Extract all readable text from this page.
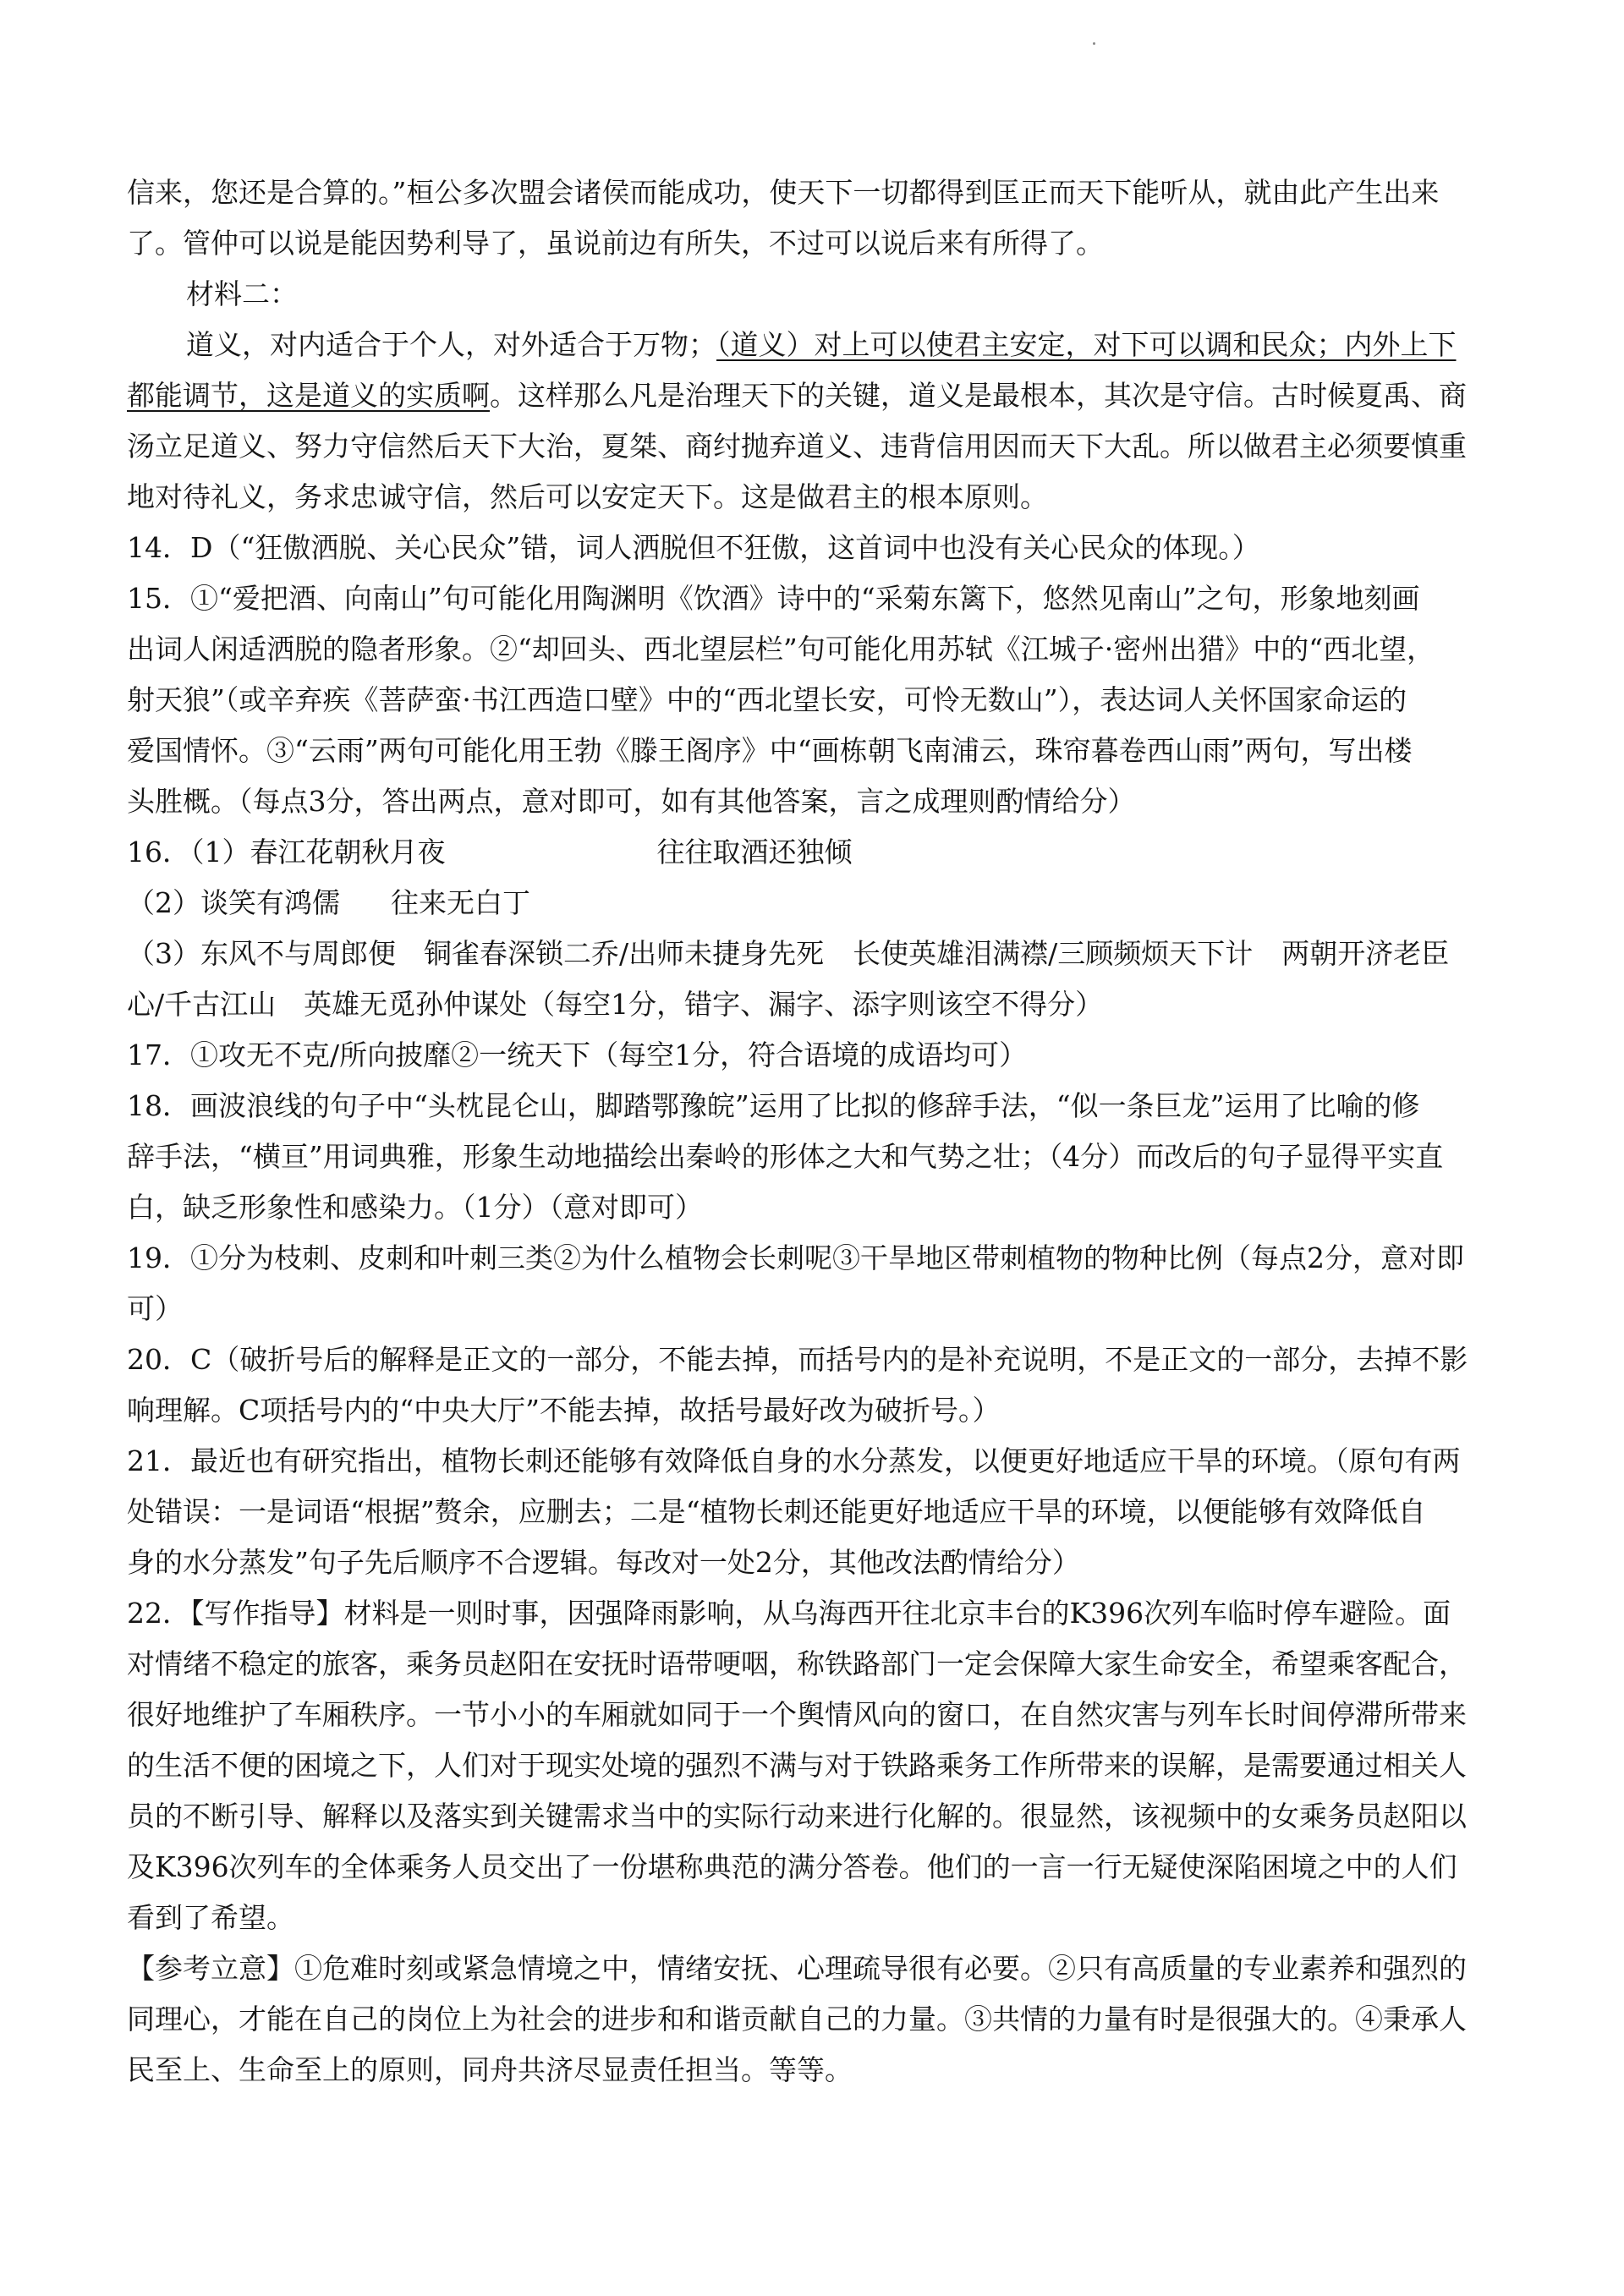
信来，您还是合算的。”桓公多次盟会诸侯而能成功，使天下一切都得到匡正而天下能听从，就由此产生出来

了。管仲可以说是能因势利导了，虽说前边有所失，不过可以说后来有所得了。

材料二：

道义，对内适合于个人，对外适合于万物；（道义）对上可以使君主安定，对下可以调和民众；内外上下

都能调节，这是道义的实质啊。这样那么凡是治理天下的关键，道义是最根本，其次是守信。古时候夏禹、商

汤立足道义、努力守信然后天下大治，夏桀、商纣抛弃道义、违背信用因而天下大乱。所以做君主必须要慎重

地对待礼义，务求忠诚守信，然后可以安定天下。这是做君主的根本原则。

14．D（“狂傲洒脱、关心民众”错，词人洒脱但不狂傲，这首词中也没有关心民众的体现。）

15．①“爱把酒、向南山”句可能化用陶渊明《饮酒》诗中的“采菊东篱下，悠然见南山”之句，形象地刻画

出词人闲适洒脱的隐者形象。②“却回头、西北望层栏”句可能化用苏轼《江城子·密州出猎》中的“西北望，

射天狼”（或辛弃疾《菩萨蛮·书江西造口壁》中的“西北望长安，可怜无数山”），表达词人关怀国家命运的

爱国情怀。③“云雨”两句可能化用王勃《滕王阁序》中“画栋朝飞南浦云，珠帘暮卷西山雨”两句，写出楼

头胜概。（每点3分，答出两点，意对即可，如有其他答案，言之成理则酌情给分）

16．（1）春江花朝秋月夜	往往取酒还独倾

（2）谈笑有鸿儒 往来无白丁

（3）东风不与周郎便　铜雀春深锁二乔/出师未捷身先死 长使英雄泪满襟/三顾频烦天下计 两朝开济老臣

心/千古江山　英雄无觅孙仲谋处（每空1分，错字、漏字、添字则该空不得分）

17．①攻无不克/所向披靡②一统天下（每空1分，符合语境的成语均可）

18．画波浪线的句子中“头枕昆仑山，脚踏鄂豫皖”运用了比拟的修辞手法，“似一条巨龙”运用了比喻的修

辞手法，“横亘”用词典雅，形象生动地描绘出秦岭的形体之大和气势之壮；（4分）而改后的句子显得平实直

白，缺乏形象性和感染力。（1分）（意对即可）

19．①分为枝刺、皮刺和叶刺三类②为什么植物会长刺呢③干旱地区带刺植物的物种比例（每点2分，意对即

可）

20．C（破折号后的解释是正文的一部分，不能去掉，而括号内的是补充说明，不是正文的一部分，去掉不影

响理解。C项括号内的“中央大厅”不能去掉，故括号最好改为破折号。）

21．最近也有研究指出，植物长刺还能够有效降低自身的水分蒸发，以便更好地适应干旱的环境。（原句有两

处错误：一是词语“根据”赘余，应删去；二是“植物长刺还能更好地适应干旱的环境，以便能够有效降低自

身的水分蒸发”句子先后顺序不合逻辑。每改对一处2分，其他改法酌情给分）

22．【写作指导】材料是一则时事，因强降雨影响，从乌海西开往北京丰台的K396次列车临时停车避险。面

对情绪不稳定的旅客，乘务员赵阳在安抚时语带哽咽，称铁路部门一定会保障大家生命安全，希望乘客配合，

很好地维护了车厢秩序。一节小小的车厢就如同于一个舆情风向的窗口，在自然灾害与列车长时间停滞所带来

的生活不便的困境之下，人们对于现实处境的强烈不满与对于铁路乘务工作所带来的误解，是需要通过相关人

员的不断引导、解释以及落实到关键需求当中的实际行动来进行化解的。很显然，该视频中的女乘务员赵阳以

及K396次列车的全体乘务人员交出了一份堪称典范的满分答卷。他们的一言一行无疑使深陷困境之中的人们

看到了希望。

【参考立意】①危难时刻或紧急情境之中，情绪安抚、心理疏导很有必要。②只有高质量的专业素养和强烈的

同理心，才能在自己的岗位上为社会的进步和和谐贡献自己的力量。③共情的力量有时是很强大的。④秉承人

民至上、生命至上的原则，同舟共济尽显责任担当。等等。
